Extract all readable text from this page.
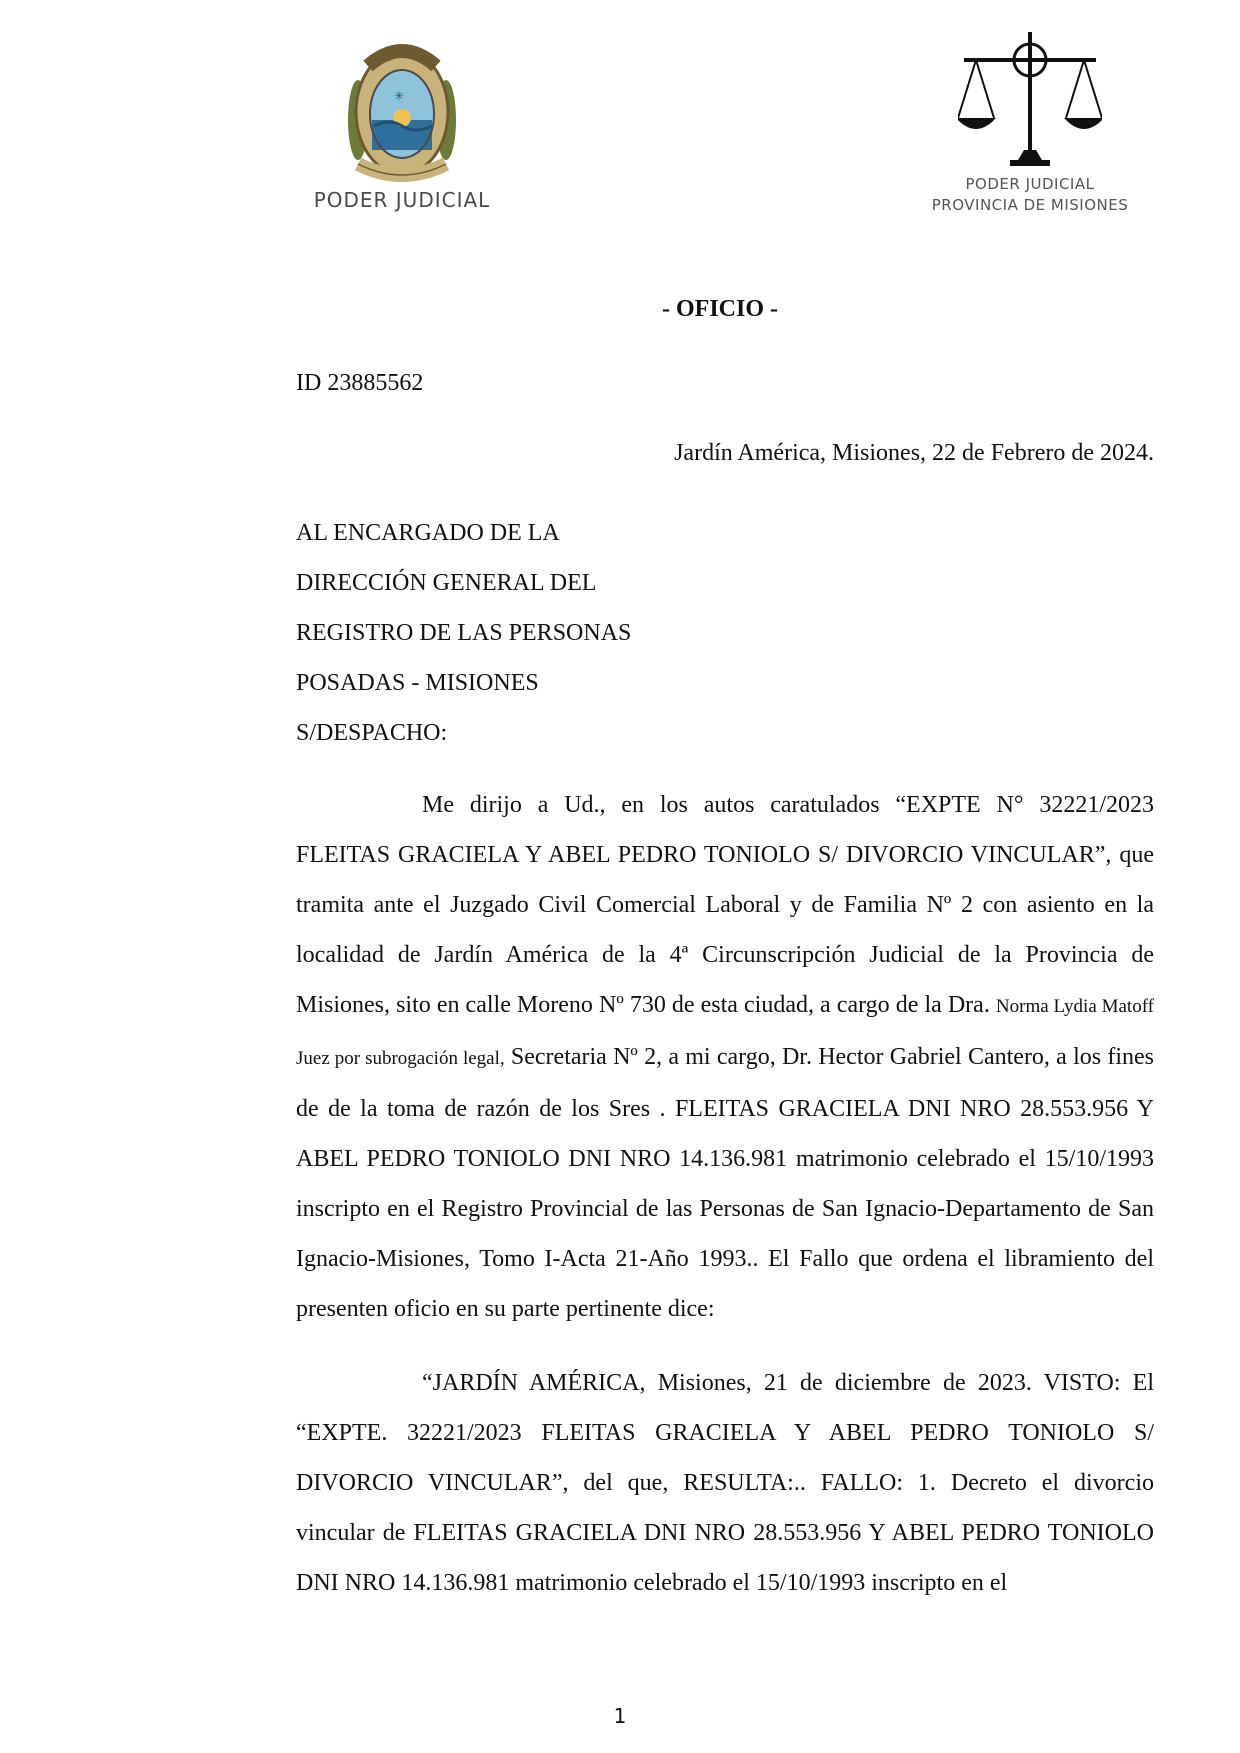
✳
PODER JUDICIAL
PODER JUDICIAL
PROVINCIA DE MISIONES
- OFICIO -
ID 23885562
Jardín América, Misiones, 22 de Febrero de 2024.
AL ENCARGADO DE LA
DIRECCIÓN GENERAL DEL
REGISTRO DE LAS PERSONAS
POSADAS - MISIONES
S/DESPACHO:
Me dirijo a Ud., en los autos caratulados “EXPTE N° 32221/2023 FLEITAS GRACIELA Y ABEL PEDRO TONIOLO S/ DIVORCIO VINCULAR”, que tramita ante el Juzgado Civil Comercial Laboral y de Familia Nº 2 con asiento en la localidad de Jardín América de la 4ª Circunscripción Judicial de la Provincia de Misiones, sito en calle Moreno Nº 730 de esta ciudad, a cargo de la Dra. Norma Lydia Matoff Juez por subrogación legal, Secretaria Nº 2, a mi cargo, Dr. Hector Gabriel Cantero, a los fines de de la toma de razón de los Sres . FLEITAS GRACIELA DNI NRO 28.553.956 Y ABEL PEDRO TONIOLO DNI NRO 14.136.981 matrimonio celebrado el 15/10/1993 inscripto en el Registro Provincial de las Personas de San Ignacio-Departamento de San Ignacio-Misiones, Tomo I-Acta 21-Año 1993.. El Fallo que ordena el libramiento del presenten oficio en su parte pertinente dice:
“JARDÍN AMÉRICA, Misiones, 21 de diciembre de 2023. VISTO: El “EXPTE. 32221/2023 FLEITAS GRACIELA Y ABEL PEDRO TONIOLO S/ DIVORCIO VINCULAR”, del que, RESULTA:.. FALLO: 1. Decreto el divorcio vincular de FLEITAS GRACIELA DNI NRO 28.553.956 Y ABEL PEDRO TONIOLO DNI NRO 14.136.981 matrimonio celebrado el 15/10/1993 inscripto en el
1
